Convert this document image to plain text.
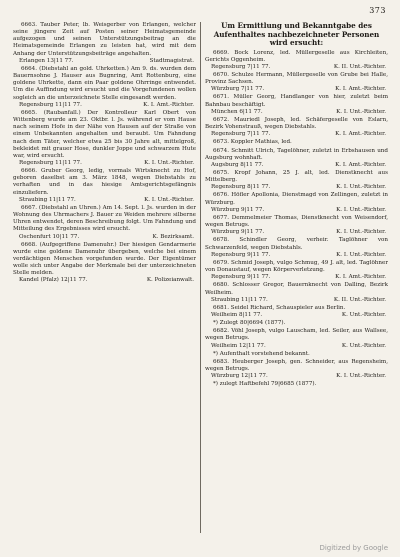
373

6663. Tauber Peter, lb. Weisgerber von Erlangen, welcher seine jüngere Zeit auf Posten seiner Heimatsgemeinde aufgezogen und seinen Unterstützungsbeitrag an die Heimatsgemeinde Erlangen zu leisten hat, wird mit dem Anhang der Unterstützungsbeiträge angehalten.

Erlangen 13|11 77.	Stadtmagistrat.

6664. (Diebstahl an gold. Uhrketten.) Am 9. ds. wurden dem Bauernsohne J. Hauser aus Bugnring, Amt Rottenburg, eine goldene Uhrkette, dann ein Paar goldene Ohrringe entwendet. Um die Auffindung wird ersucht und die Vorgefundenen wollen sogleich an die unterzeichnete Stelle eingesandt werden.

Regensburg 11|11 77.	K. I. Amt.-Richter.

6665. (Raubanfall.) Der Kontrolleur Karl Obert von Wittenberg wurde am 23. Oktbr. l. Js. während er vom Hause nach seinem Hofe in der Nähe von Hausen auf der Straße von einem Unbekannten angehalten und beraubt. Um Fahndung nach dem Täter, welcher etwa 25 bis 30 Jahre alt, mittelgroß, bekleidet mit grauer Hose, dunkler Joppe und schwarzem Hute war, wird ersucht.

Regensburg 11|11 77.	K. I. Unt.-Richter.

6666. Gruber Georg, ledig, vormals Wirtsknecht zu Hof, geboren daselbst am 3. März 1848, wegen Diebstahls zu verhaften und in das hiesige Amtsgerichtsgefängnis einzuliefern.

Straubing 11|11 77.	K. I. Unt.-Richter.

6667. (Diebstahl an Uhren.) Am 14. Sept. l. Js. wurden in der Wohnung des Uhrmachers J. Bauer zu Weiden mehrere silberne Uhren entwendet, deren Beschreibung folgt. Um Fahndung und Mitteilung des Ergebnisses wird ersucht.

Oschenfurt 10|11 77.	K. Bezirksamt.

6668. (Aufgegriffene Damenuhr.) Der hiesigen Gendarmerie wurde eine goldene Damenuhr übergeben, welche bei einem verdächtigen Menschen vorgefunden wurde. Der Eigentümer wolle sich unter Angabe der Merkmale bei der unterzeichneten Stelle melden.

Kandel (Pfalz) 12|11 77.	K. Polizeianwalt.
Um Ermittlung und Bekanntgabe des Aufenthaltes nachbezeichneter Personen wird ersucht:

6669. Bock Lorenz, led. Müllergeselle aus Kirchleiten, Gerichts Oggenheim.

Regensburg 7|11 77.	K. II. Unt.-Richter.

6670. Schulze Hermann, Müllergeselle von Grube bei Halle, Provinz Sachsen.

Würzburg 7|11 77.	K. I. Amt.-Richter.

6671. Müller Georg, Handlanger von hier, zuletzt beim Bahnbau beschäftigt.

München 6|11 77.	K. I. Unt.-Richter.

6672. Mauriedl Joseph, led. Schäfergeselle von Eslarn, Bezirk Vohenstrauß, wegen Diebstahls.

Regensburg 7|11 77.	K. I. Amt.-Richter.

6673. Koppler Mathias, led.

6674. Schmitt Ulrich, Tagelöhner, zuletzt in Erbshausen und Augsburg wohnhaft.

Augsburg 8|11 77.	K. I. Amt.-Richter.

6675. Kropf Johann, 25 J. alt, led. Dienstknecht aus Mittelberg.

Regensburg 8|11 77.	K. I. Unt.-Richter.

6676. Höfler Apollonia, Dienstmagd von Zellingen, zuletzt in Würzburg.

Würzburg 9|11 77.	K. I. Unt.-Richter.

6677. Demmelmeier Thomas, Dienstknecht von Weisendorf, wegen Betrugs.

Würzburg 9|11 77.	K. I. Unt.-Richter.

6678. Schindler Georg, verheir. Taglöhner von Schwarzenfeld, wegen Diebstahls.

Regensburg 9|11 77.	K. I. Unt.-Richter.

6679. Schmid Joseph, vulgo Schmug, 49 J. alt, led. Taglöhner von Donaustauf, wegen Körperverletzung.

Regensburg 9|11 77.	K. I. Amt.-Richter.

6680. Schlosser Gregor, Bauernknecht von Dalling, Bezirk Weilheim.

Straubing 11|11 77.	K. II. Unt.-Richter.

6681. Seidel Richard, Schauspieler aus Berlin.

Weilheim 8|11 77.	K. Unt.-Richter.

*) Zulegt 80|6694 (1877).

6682. Vöhl Joseph, vulgo Lauscham, led. Seiler, aus Wallsee, wegen Betrugs.

Weilheim 12|11 77.	K. Unt.-Richter.

*) Aufenthalt vorstehend bekannt.

6683. Heuberger Joseph, gen. Schneider, aus Regensheim, wegen Betrugs.

Würzburg 12|11 77.	K. I. Unt.-Richter.

*) zulegt Haftbefehl 79|6685 (1877).

Digitized by Google
